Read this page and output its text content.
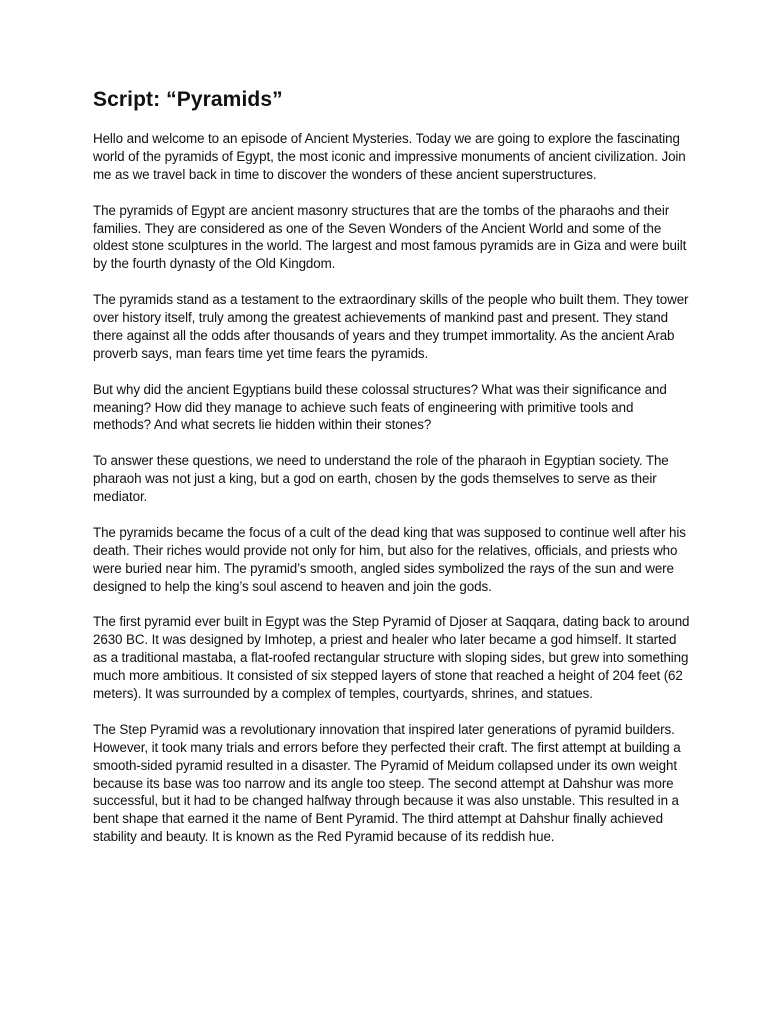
Script: “Pyramids”

Hello and welcome to an episode of Ancient Mysteries. Today we are going to explore the fascinating world of the pyramids of Egypt, the most iconic and impressive monuments of ancient civilization. Join me as we travel back in time to discover the wonders of these ancient superstructures.

The pyramids of Egypt are ancient masonry structures that are the tombs of the pharaohs and their families. They are considered as one of the Seven Wonders of the Ancient World and some of the oldest stone sculptures in the world. The largest and most famous pyramids are in Giza and were built by the fourth dynasty of the Old Kingdom.

The pyramids stand as a testament to the extraordinary skills of the people who built them. They tower over history itself, truly among the greatest achievements of mankind past and present. They stand there against all the odds after thousands of years and they trumpet immortality. As the ancient Arab proverb says, man fears time yet time fears the pyramids.

But why did the ancient Egyptians build these colossal structures? What was their significance and meaning? How did they manage to achieve such feats of engineering with primitive tools and methods? And what secrets lie hidden within their stones?

To answer these questions, we need to understand the role of the pharaoh in Egyptian society. The pharaoh was not just a king, but a god on earth, chosen by the gods themselves to serve as their mediator.

The pyramids became the focus of a cult of the dead king that was supposed to continue well after his death. Their riches would provide not only for him, but also for the relatives, officials, and priests who were buried near him. The pyramid’s smooth, angled sides symbolized the rays of the sun and were designed to help the king’s soul ascend to heaven and join the gods.

The first pyramid ever built in Egypt was the Step Pyramid of Djoser at Saqqara, dating back to around 2630 BC. It was designed by Imhotep, a priest and healer who later became a god himself. It started as a traditional mastaba, a flat-roofed rectangular structure with sloping sides, but grew into something much more ambitious. It consisted of six stepped layers of stone that reached a height of 204 feet (62 meters). It was surrounded by a complex of temples, courtyards, shrines, and statues.

The Step Pyramid was a revolutionary innovation that inspired later generations of pyramid builders. However, it took many trials and errors before they perfected their craft. The first attempt at building a smooth-sided pyramid resulted in a disaster. The Pyramid of Meidum collapsed under its own weight because its base was too narrow and its angle too steep. The second attempt at Dahshur was more successful, but it had to be changed halfway through because it was also unstable. This resulted in a bent shape that earned it the name of Bent Pyramid. The third attempt at Dahshur finally achieved stability and beauty. It is known as the Red Pyramid because of its reddish hue.
